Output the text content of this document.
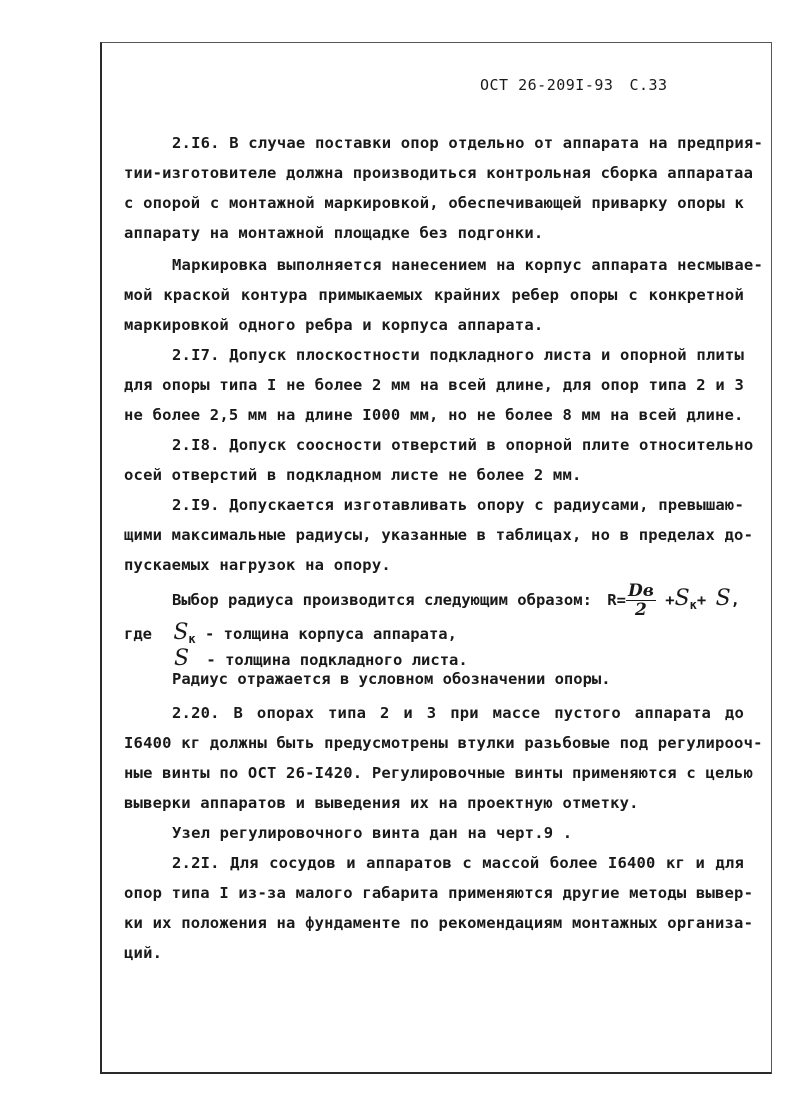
ОСТ 26-209I-93 С.33
2.I6. В случае поставки опор отдельно от аппарата на предприя-
тии-изготовителе должна производиться контрольная сборка аппаратаа
с опорой с монтажной маркировкой, обеспечивающей приварку опоры к
аппарату на монтажной площадке без подгонки.
Маркировка выполняется нанесением на корпус аппарата несмывае-
мой краской контура примыкаемых крайних ребер опоры с конкретной
маркировкой одного ребра и корпуса аппарата.
2.I7. Допуск плоскостности подкладного листа и опорной плиты
для опоры типа I не более 2 мм на всей длине, для опор типа 2 и 3
не более 2,5 мм на длине I000 мм, но не более 8 мм на всей длине.
2.I8. Допуск соосности отверстий в опорной плите относительно
осей отверстий в подкладном листе не более 2 мм.
2.I9. Допускается изготавливать опору с радиусами, превышаю-
щими максимальные радиусы, указанные в таблицах, но в пределах до-
пускаемых нагрузок на опору.
Выбор радиуса производится следующим образом: $R= \frac{Dв}{2} +S_к+ S$,
где $S_к$ - толщина корпуса аппарата,
S - толщина подкладного листа.
Радиус отражается в условном обозначении опоры.
2.20. В опорах типа 2 и 3 при массе пустого аппарата до
I6400 кг должны быть предусмотрены втулки разьбовые под регулирооч-
ные винты по ОСТ 26-I420. Регулировочные винты применяются с целью
выверки аппаратов и выведения их на проектную отметку.
Узел регулировочного винта дан на черт.9 .
2.2I. Для сосудов и аппаратов с массой более I6400 кг и для
опор типа I из-за малого габарита применяются другие методы вывер-
ки их положения на фундаменте по рекомендациям монтажных организа-
ций.
